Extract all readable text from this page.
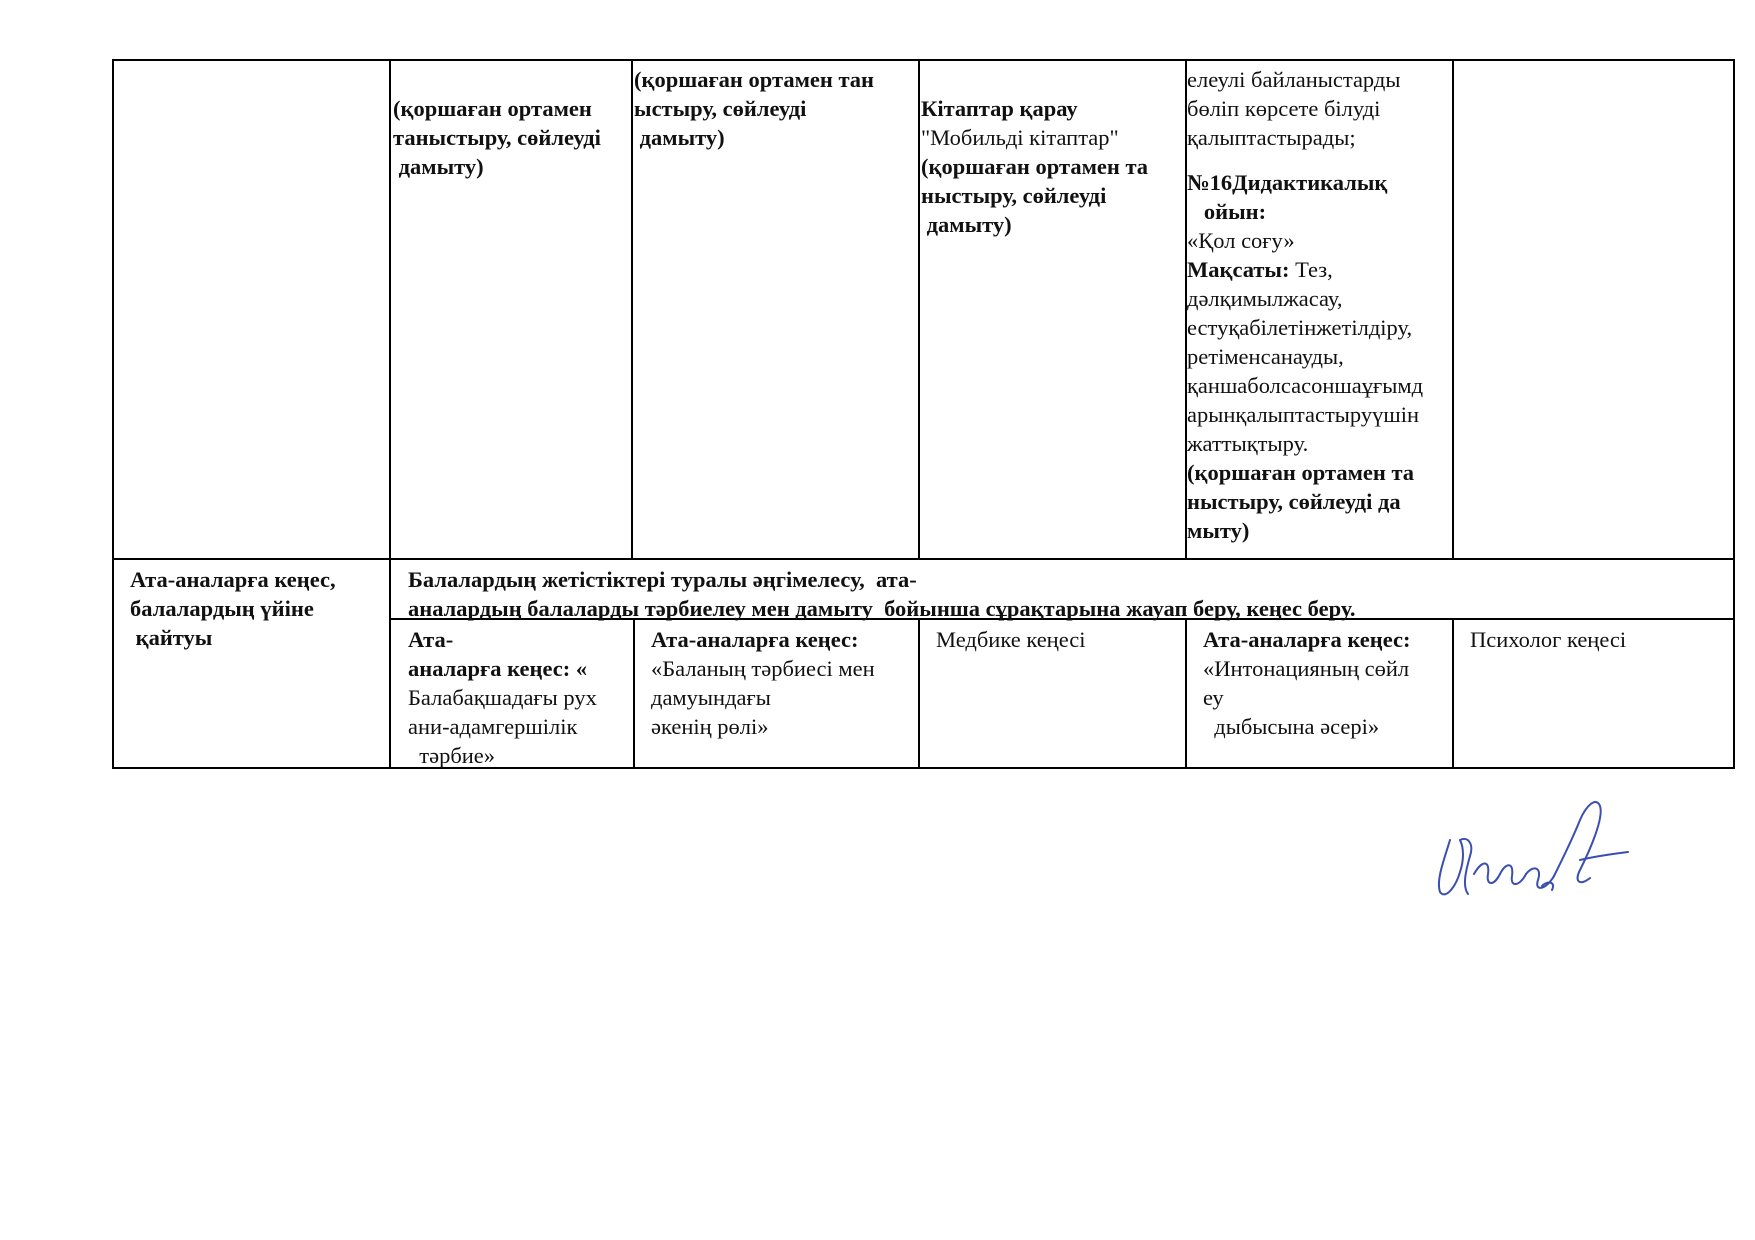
(қоршаған ортамен

таныстыру, сөйлеуді

дамыту)

(қоршаған ортамен тан

ыстыру, сөйлеуді

дамыту)

Кітаптар қарау

"Мобильді кітаптар"

(қоршаған ортамен та

ныстыру, сөйлеуді

дамыту)

елеулі байланыстарды

бөліп көрсете білуді

қалыптастырады;

№16Дидактикалық

ойын:

«Қол соғу»

Мақсаты: Тез,

дәлқимылжасау,

естуқабілетінжетілдіру,

ретіменсанауды,

қаншаболсасоншаұғымд

арынқалыптастыруүшін

жаттықтыру.

(қоршаған ортамен та

ныстыру, сөйлеуді да

мыту)

Ата-аналарға кеңес,

балалардың үйіне

қайтуы

Балалардың жетістіктері туралы әңгімелесу,  ата-

аналардың балаларды тәрбиелеу мен дамыту  бойынша сұрақтарына жауап беру, кеңес беру.

Ата-

аналарға кеңес: «

Балабақшадағы рух

ани-адамгершілік

тәрбие»

Ата-аналарға кеңес:

«Баланың тәрбиесі мен

дамуындағы

әкенің рөлі»

Медбике кеңесі	Ата-аналарға кеңес:

«Интонацияның сөйл

еу

дыбысына әсері»

Психолог кеңесі
